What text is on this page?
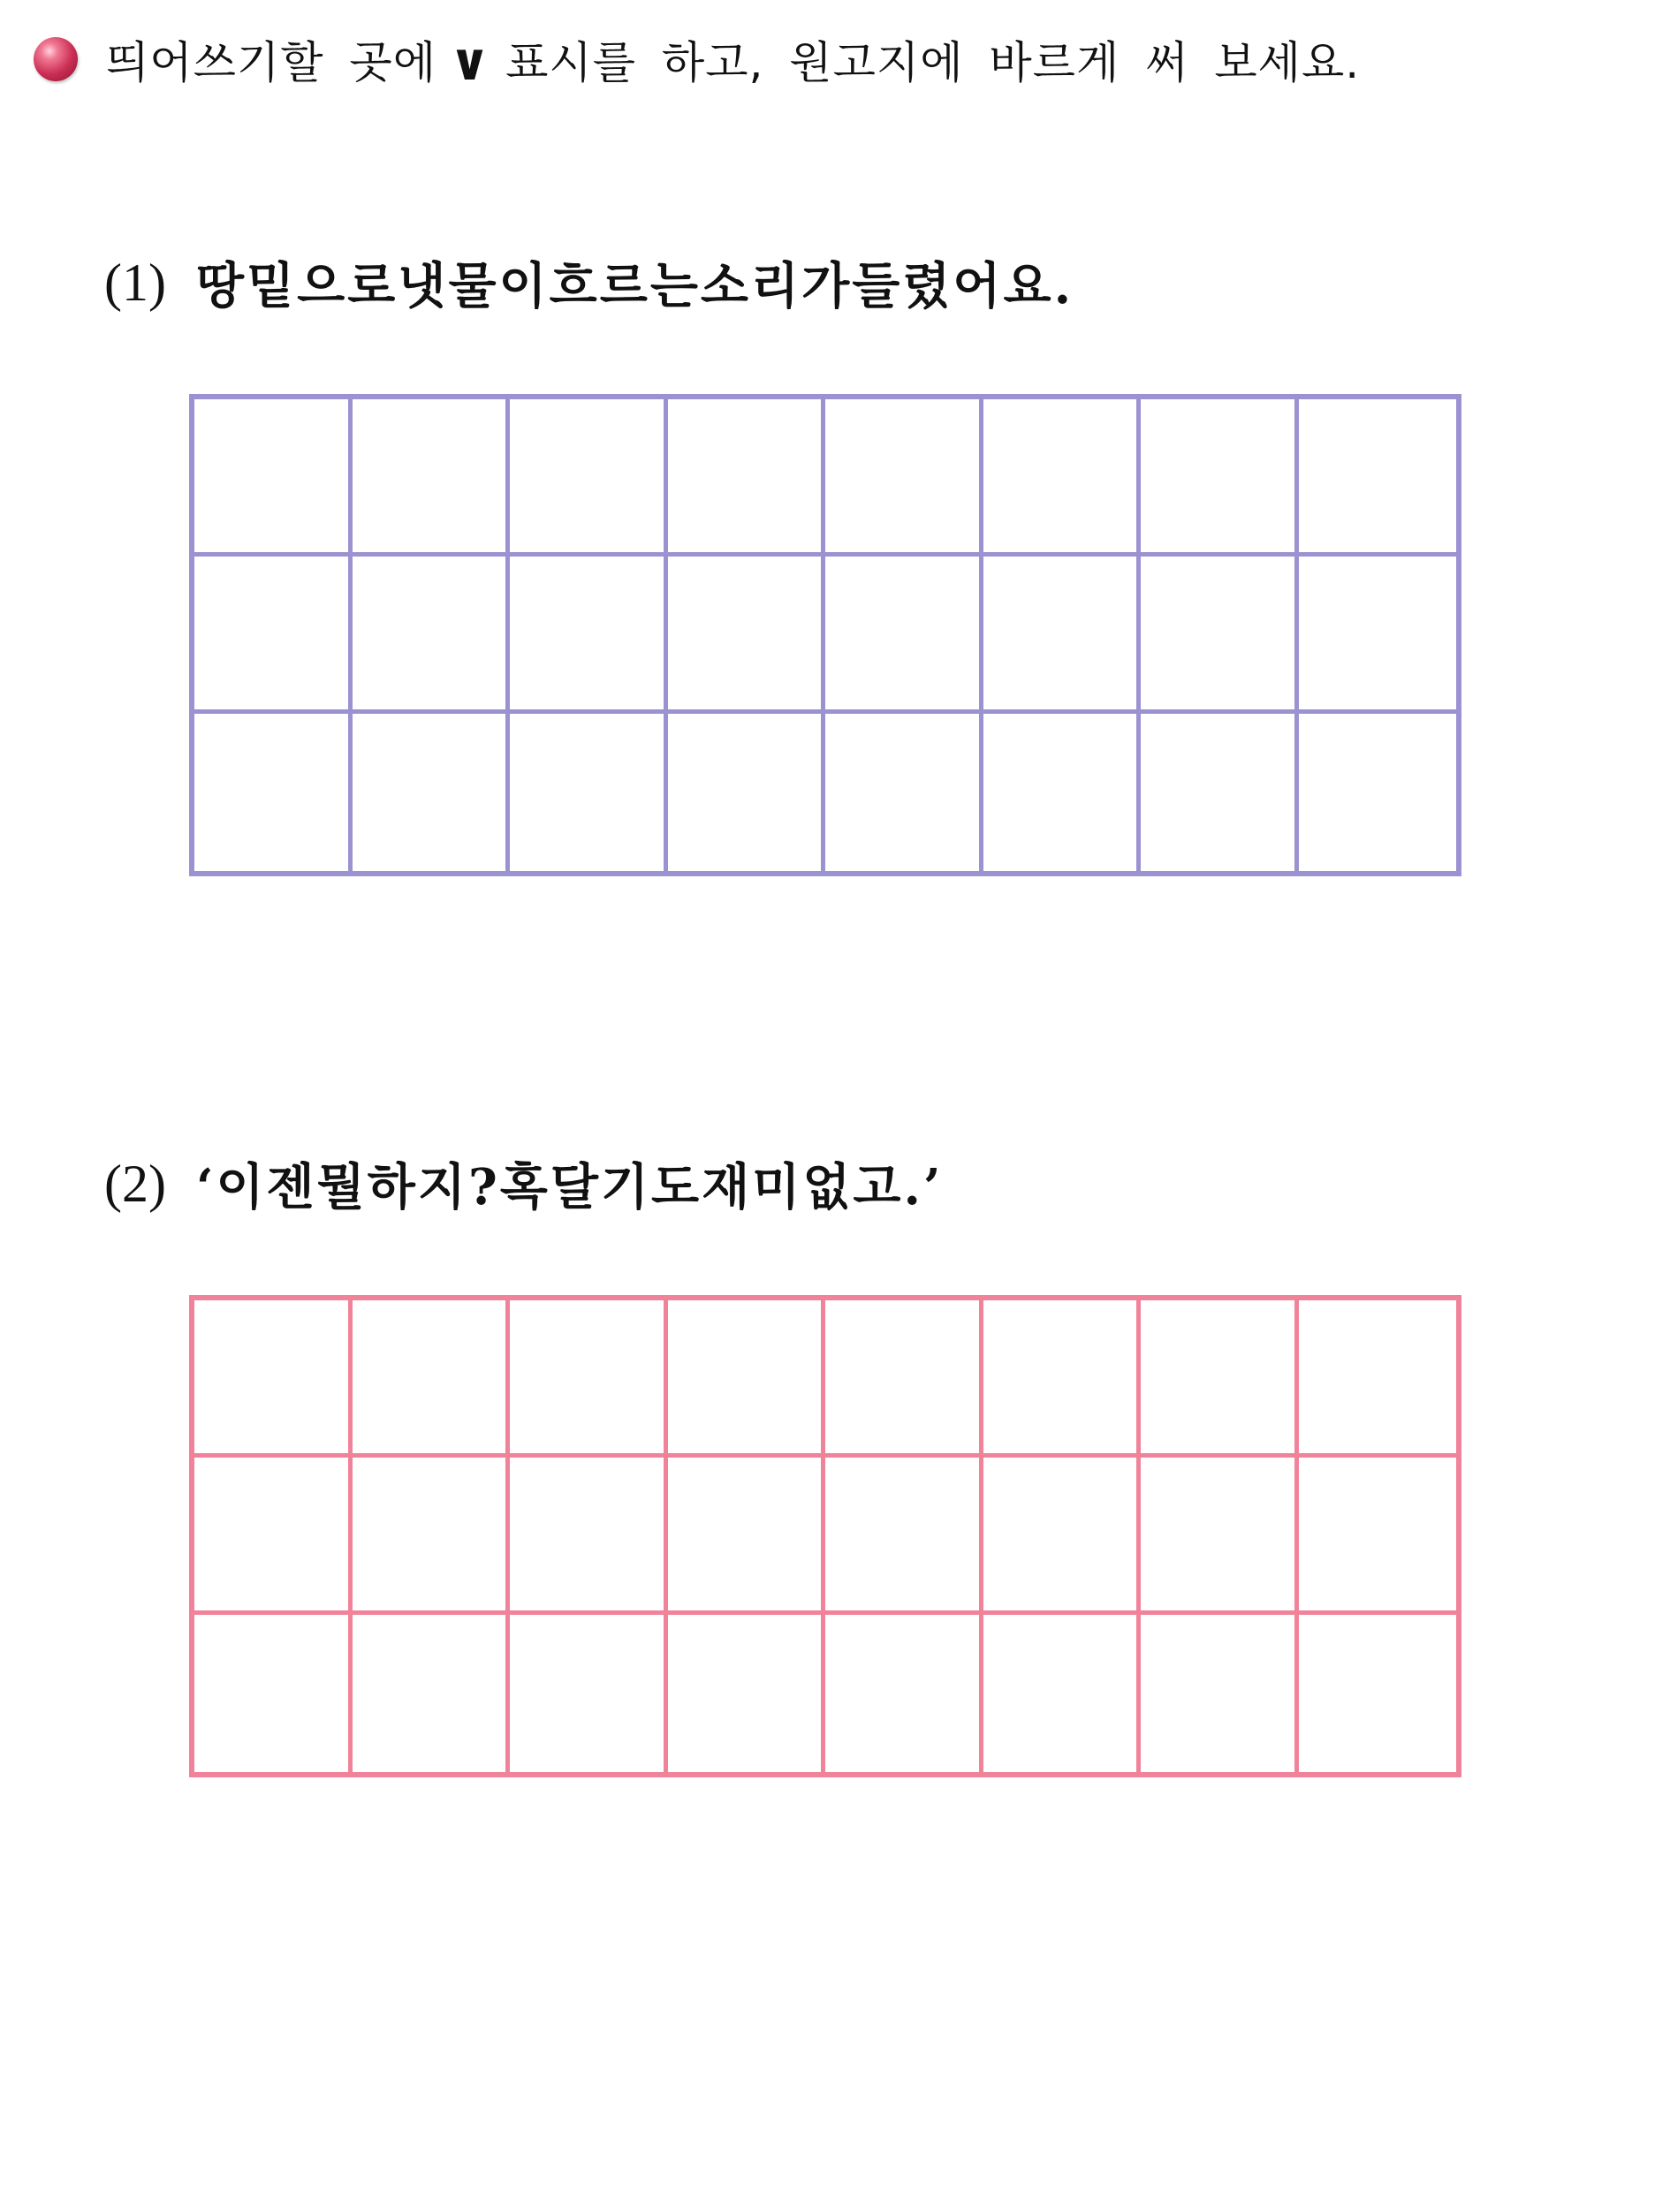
띄어쓰기할 곳에 ∨ 표시를 하고, 원고지에 바르게 써 보세요.
(1) 땅밑으로냇물이흐르는소리가들렸어요.
(2) ‘이젠뭘하지?혹달기도재미없고.’
